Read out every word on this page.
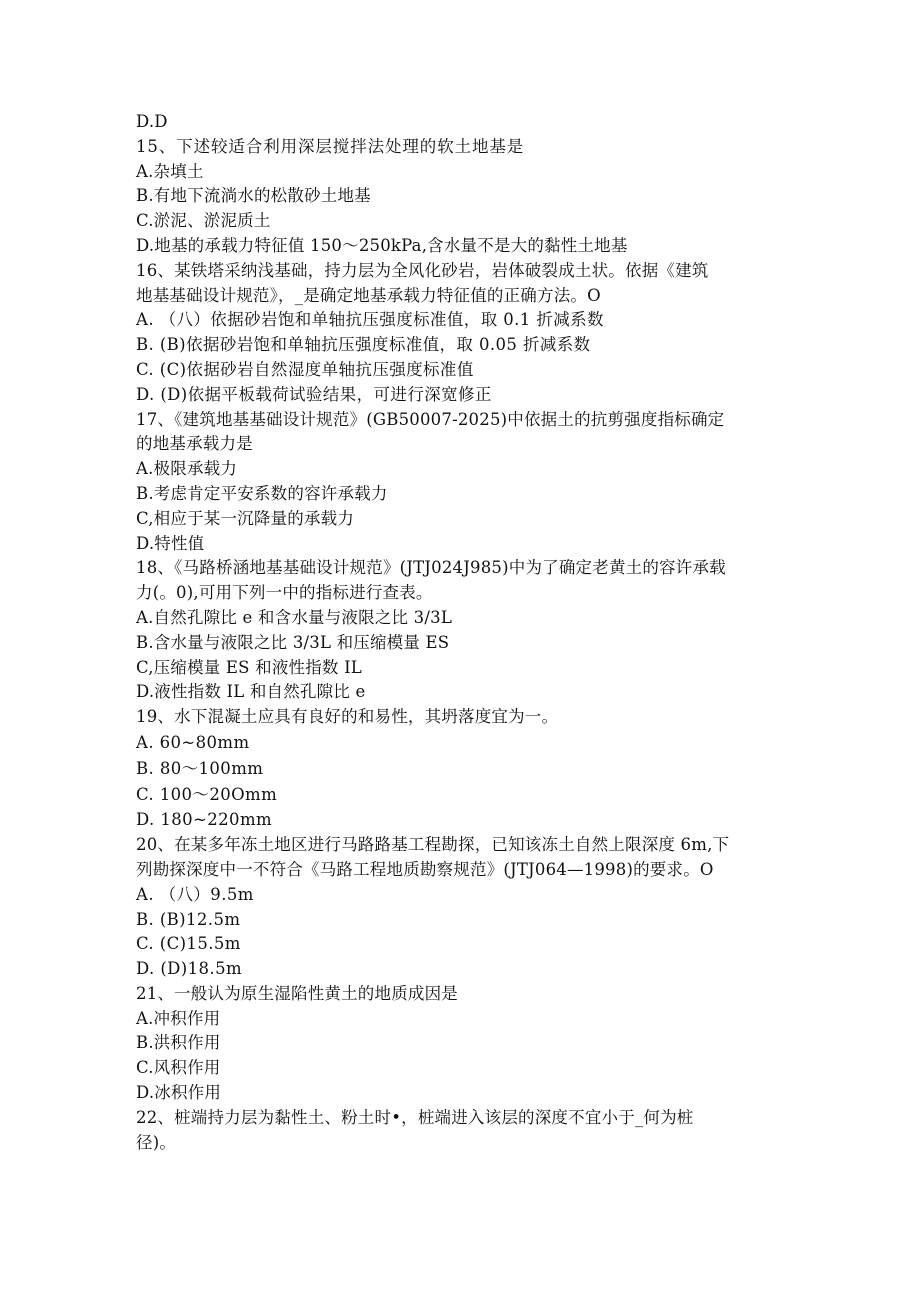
D.D
15、下述较适合利用深层搅拌法处理的软土地基是
A.杂填土
B.有地下流淌水的松散砂土地基
C.淤泥、淤泥质土
D.地基的承载力特征值 150～250kPa,含水量不是大的黏性土地基
16、某铁塔采纳浅基础，持力层为全风化砂岩，岩体破裂成土状。依据《建筑
地基基础设计规范》，_是确定地基承载力特征值的正确方法。O
A. （八）依据砂岩饱和单轴抗压强度标准值，取 0.1 折减系数
B. (B)依据砂岩饱和单轴抗压强度标准值，取 0.05 折减系数
C. (C)依据砂岩自然湿度单轴抗压强度标准值
D. (D)依据平板载荷试验结果，可进行深宽修正
17、《建筑地基基础设计规范》(GB50007-2025)中依据土的抗剪强度指标确定
的地基承载力是
A.极限承载力
B.考虑肯定平安系数的容许承载力
C,相应于某一沉降量的承载力
D.特性值
18、《马路桥涵地基基础设计规范》(JTJ024J985)中为了确定老黄土的容许承载
力(。0),可用下列一中的指标进行查表。
A.自然孔隙比 e 和含水量与液限之比 3/3L
B.含水量与液限之比 3/3L 和压缩模量 ES
C,压缩模量 ES 和液性指数 IL
D.液性指数 IL 和自然孔隙比 e
19、水下混凝土应具有良好的和易性，其坍落度宜为一。
A. 60~80mm
B. 80～100mm
C. 100～20Omm
D. 180~220mm
20、在某多年冻土地区进行马路路基工程勘探，已知该冻土自然上限深度 6m,下
列勘探深度中一不符合《马路工程地质勘察规范》(JTJ064—1998)的要求。O
A. （八）9.5m
B. (B)12.5m
C. (C)15.5m
D. (D)18.5m
21、一般认为原生湿陷性黄土的地质成因是
A.冲积作用
B.洪积作用
C.风积作用
D.冰积作用
22、桩端持力层为黏性土、粉土时•，桩端进入该层的深度不宜小于_何为桩
径)。
